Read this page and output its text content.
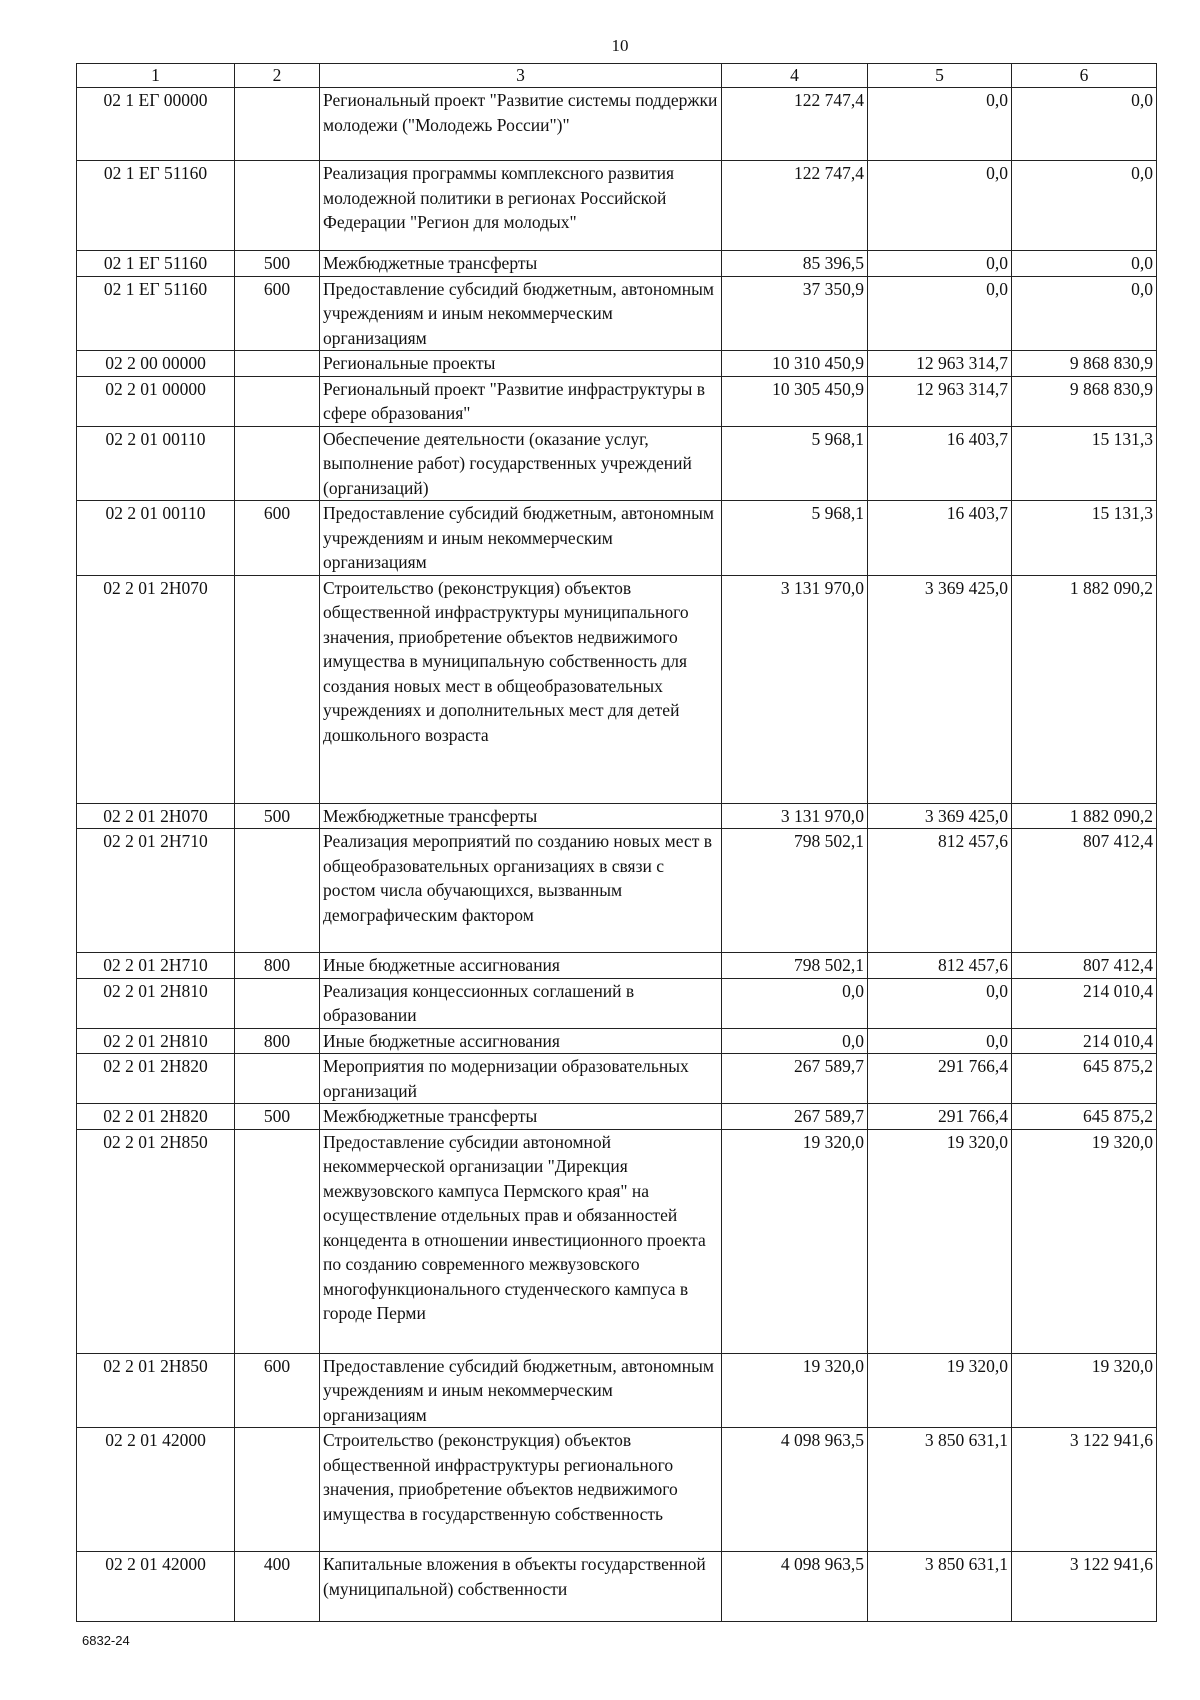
10
1	2	3	4	5	6
02 1 ЕГ 00000		Региональный проект "Развитие системы поддержки молодежи ("Молодежь России")"	122 747,4	0,0	0,0
02 1 ЕГ 51160		Реализация программы комплексного развития молодежной политики в регионах Российской Федерации "Регион для молодых"	122 747,4	0,0	0,0
02 1 ЕГ 51160	500	Межбюджетные трансферты	85 396,5	0,0	0,0
02 1 ЕГ 51160	600	Предоставление субсидий бюджетным, автономным учреждениям и иным некоммерческим организациям	37 350,9	0,0	0,0
02 2 00 00000		Региональные проекты	10 310 450,9	12 963 314,7	9 868 830,9
02 2 01 00000		Региональный проект "Развитие инфраструктуры в сфере образования"	10 305 450,9	12 963 314,7	9 868 830,9
02 2 01 00110		Обеспечение деятельности (оказание услуг, выполнение работ) государственных учреждений (организаций)	5 968,1	16 403,7	15 131,3
02 2 01 00110	600	Предоставление субсидий бюджетным, автономным учреждениям и иным некоммерческим организациям	5 968,1	16 403,7	15 131,3
02 2 01 2Н070		Строительство (реконструкция) объектов общественной инфраструктуры муниципального значения, приобретение объектов недвижимого имущества в муниципальную собственность для создания новых мест в общеобразовательных учреждениях и дополнительных мест для детей дошкольного возраста	3 131 970,0	3 369 425,0	1 882 090,2
02 2 01 2Н070	500	Межбюджетные трансферты	3 131 970,0	3 369 425,0	1 882 090,2
02 2 01 2Н710		Реализация мероприятий по созданию новых мест в общеобразовательных организациях в связи с ростом числа обучающихся, вызванным демографическим фактором	798 502,1	812 457,6	807 412,4
02 2 01 2Н710	800	Иные бюджетные ассигнования	798 502,1	812 457,6	807 412,4
02 2 01 2Н810		Реализация концессионных соглашений в образовании	0,0	0,0	214 010,4
02 2 01 2Н810	800	Иные бюджетные ассигнования	0,0	0,0	214 010,4
02 2 01 2Н820		Мероприятия по модернизации образовательных организаций	267 589,7	291 766,4	645 875,2
02 2 01 2Н820	500	Межбюджетные трансферты	267 589,7	291 766,4	645 875,2
02 2 01 2Н850		Предоставление субсидии автономной некоммерческой организации "Дирекция межвузовского кампуса Пермского края" на осуществление отдельных прав и обязанностей концедента в отношении инвестиционного проекта по созданию современного межвузовского многофункционального студенческого кампуса в городе Перми	19 320,0	19 320,0	19 320,0
02 2 01 2Н850	600	Предоставление субсидий бюджетным, автономным учреждениям и иным некоммерческим организациям	19 320,0	19 320,0	19 320,0
02 2 01 42000		Строительство (реконструкция) объектов общественной инфраструктуры регионального значения, приобретение объектов недвижимого имущества в государственную собственность	4 098 963,5	3 850 631,1	3 122 941,6
02 2 01 42000	400	Капитальные вложения в объекты государственной (муниципальной) собственности	4 098 963,5	3 850 631,1	3 122 941,6
6832-24
